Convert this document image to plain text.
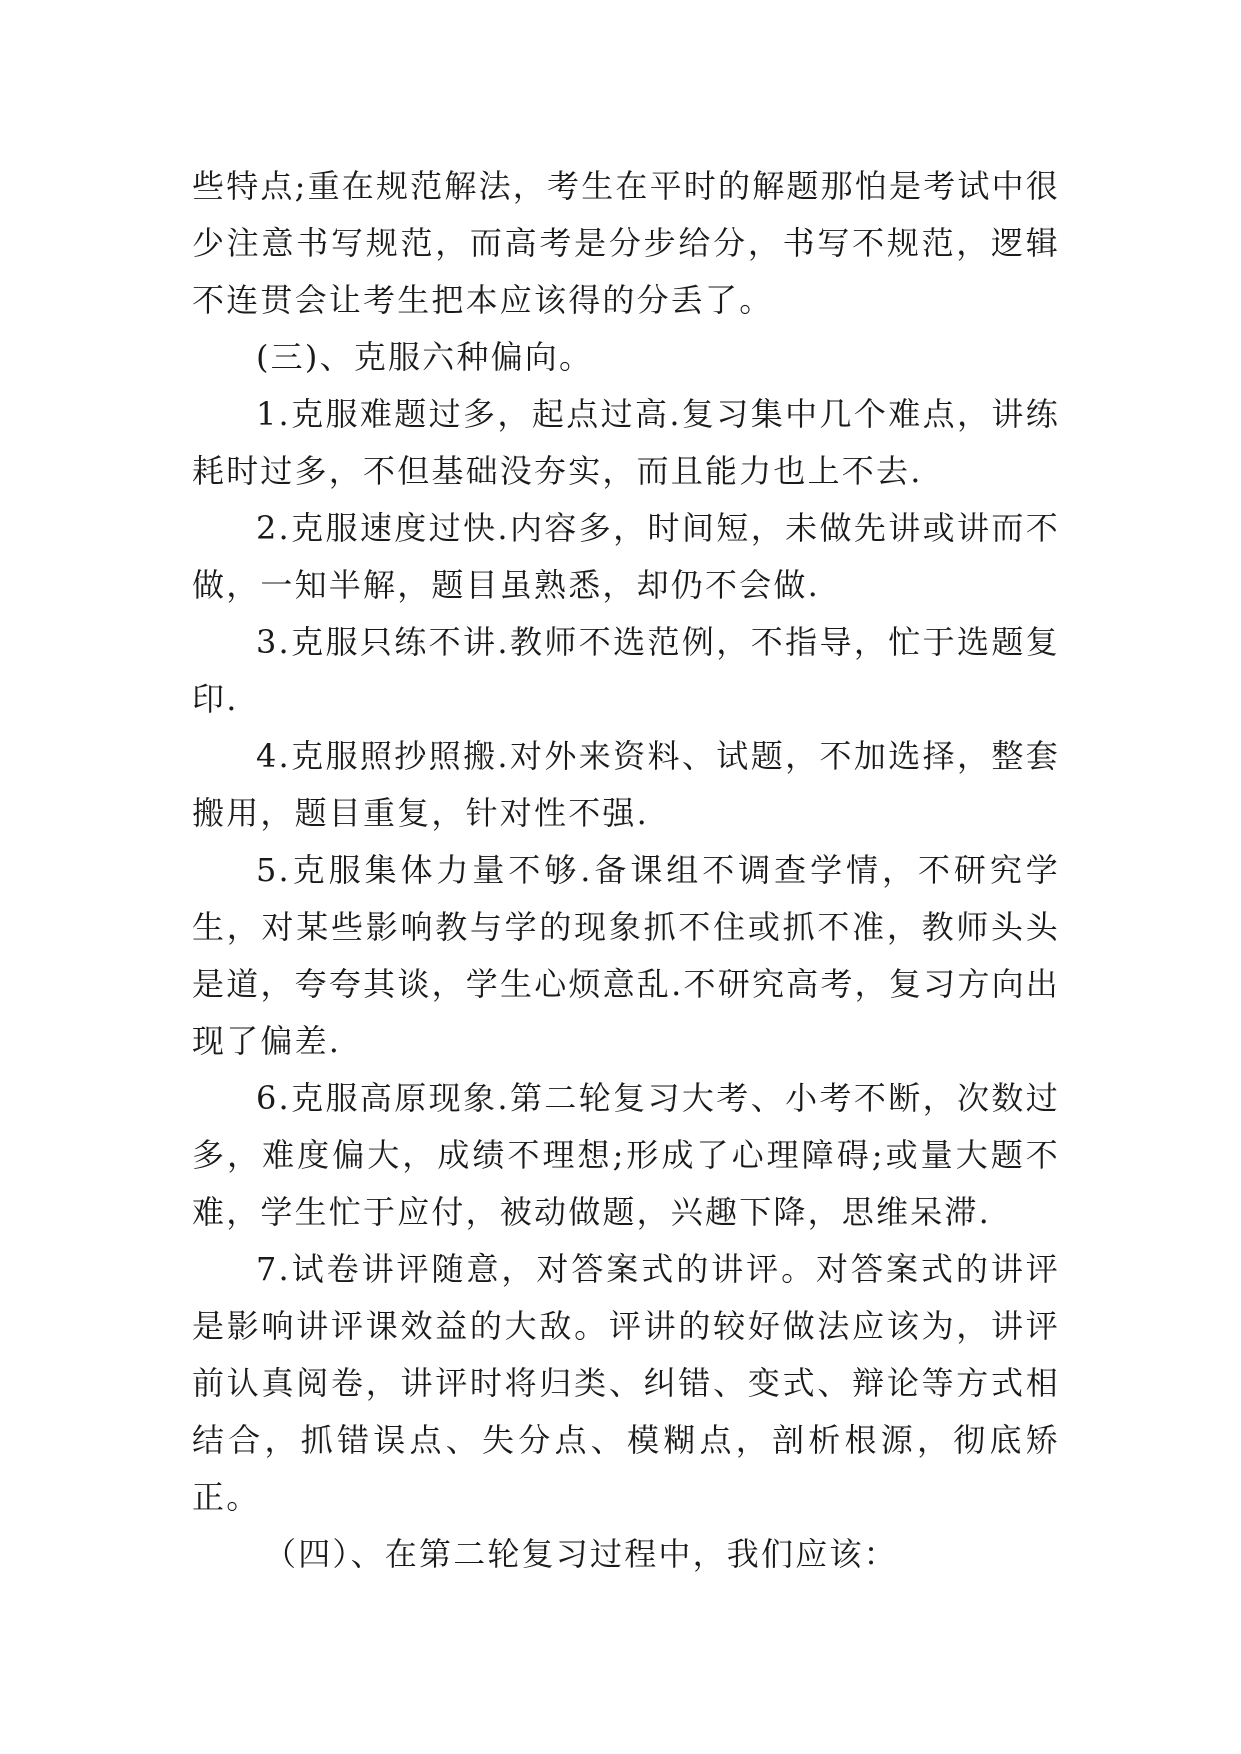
些特点;重在规范解法，考生在平时的解题那怕是考试中很少注意书写规范，而高考是分步给分，书写不规范，逻辑不连贯会让考生把本应该得的分丢了。

(三)、克服六种偏向。

1.克服难题过多，起点过高.复习集中几个难点，讲练耗时过多，不但基础没夯实，而且能力也上不去.

2.克服速度过快.内容多，时间短，未做先讲或讲而不做，一知半解，题目虽熟悉，却仍不会做.

3.克服只练不讲.教师不选范例，不指导，忙于选题复印.

4.克服照抄照搬.对外来资料、试题，不加选择，整套搬用，题目重复，针对性不强.

5.克服集体力量不够.备课组不调查学情，不研究学生，对某些影响教与学的现象抓不住或抓不准，教师头头是道，夸夸其谈，学生心烦意乱.不研究高考，复习方向出现了偏差.

6.克服高原现象.第二轮复习大考、小考不断，次数过多，难度偏大，成绩不理想;形成了心理障碍;或量大题不难，学生忙于应付，被动做题，兴趣下降，思维呆滞.

7.试卷讲评随意，对答案式的讲评。对答案式的讲评是影响讲评课效益的大敌。评讲的较好做法应该为，讲评前认真阅卷，讲评时将归类、纠错、变式、辩论等方式相结合，抓错误点、失分点、模糊点，剖析根源，彻底矫正。

（四）、在第二轮复习过程中，我们应该：
